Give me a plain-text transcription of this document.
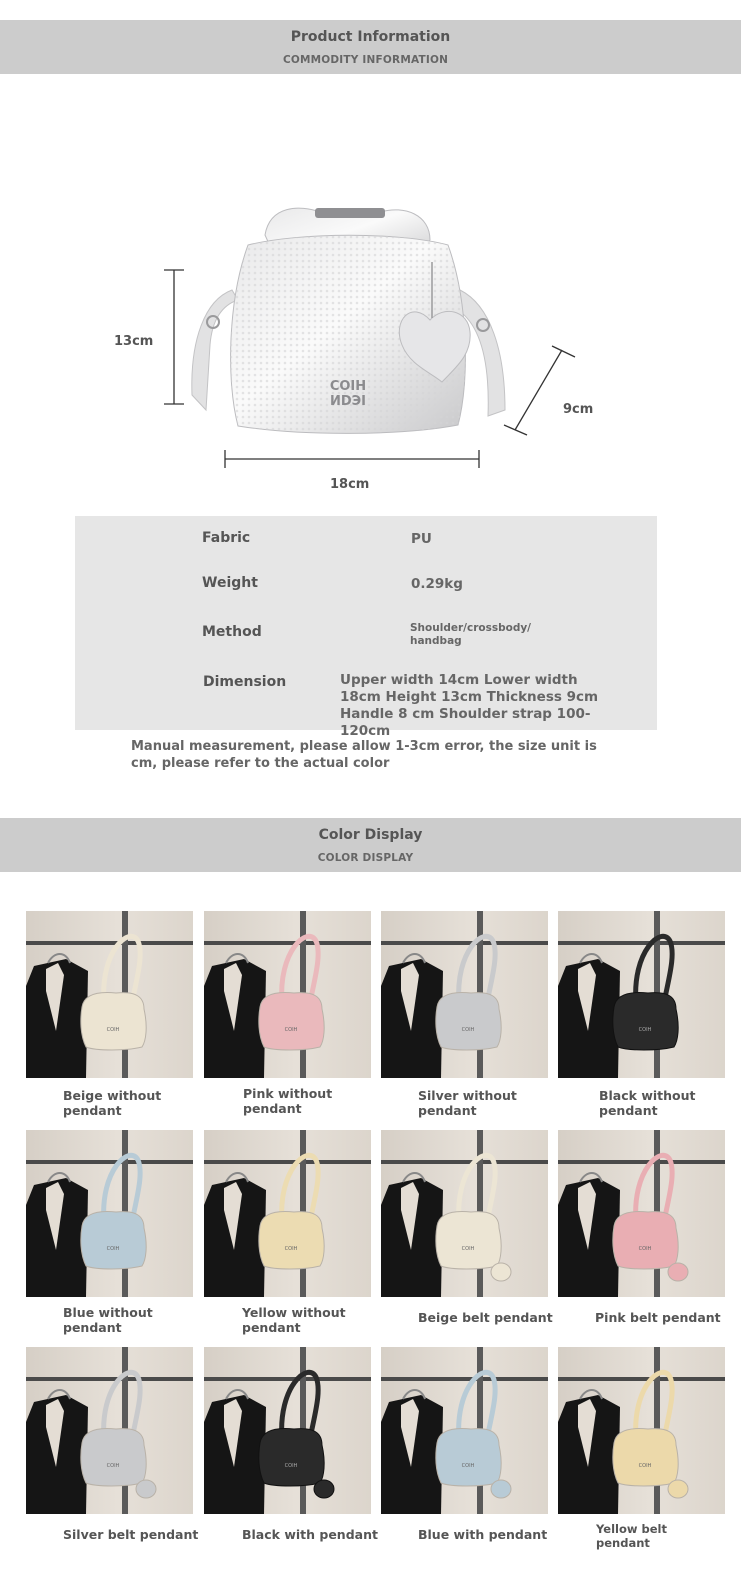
Product Information
COMMODITY INFORMATION
COIH
ИDЭI
13cm
18cm
9cm
Fabric	PU
Weight	0.29kg
Method	Shoulder/crossbody/ handbag
Dimension	Upper width 14cm Lower width 18cm Height 13cm Thickness 9cm Handle 8 cm Shoulder strap 100-120cm
Manual measurement, please allow 1-3cm error, the size unit is cm, please refer to the actual color
Color Display
COLOR DISPLAY
COIH
Beige without pendant
COIH
Pink without pendant
COIH
Silver without pendant
COIH
Black without pendant
COIH
Blue without pendant
COIH
Yellow without pendant
COIH
Beige belt pendant
COIH
Pink belt pendant
COIH
Silver belt pendant
COIH
Black with pendant
COIH
Blue with pendant
COIH
Yellow belt pendant
